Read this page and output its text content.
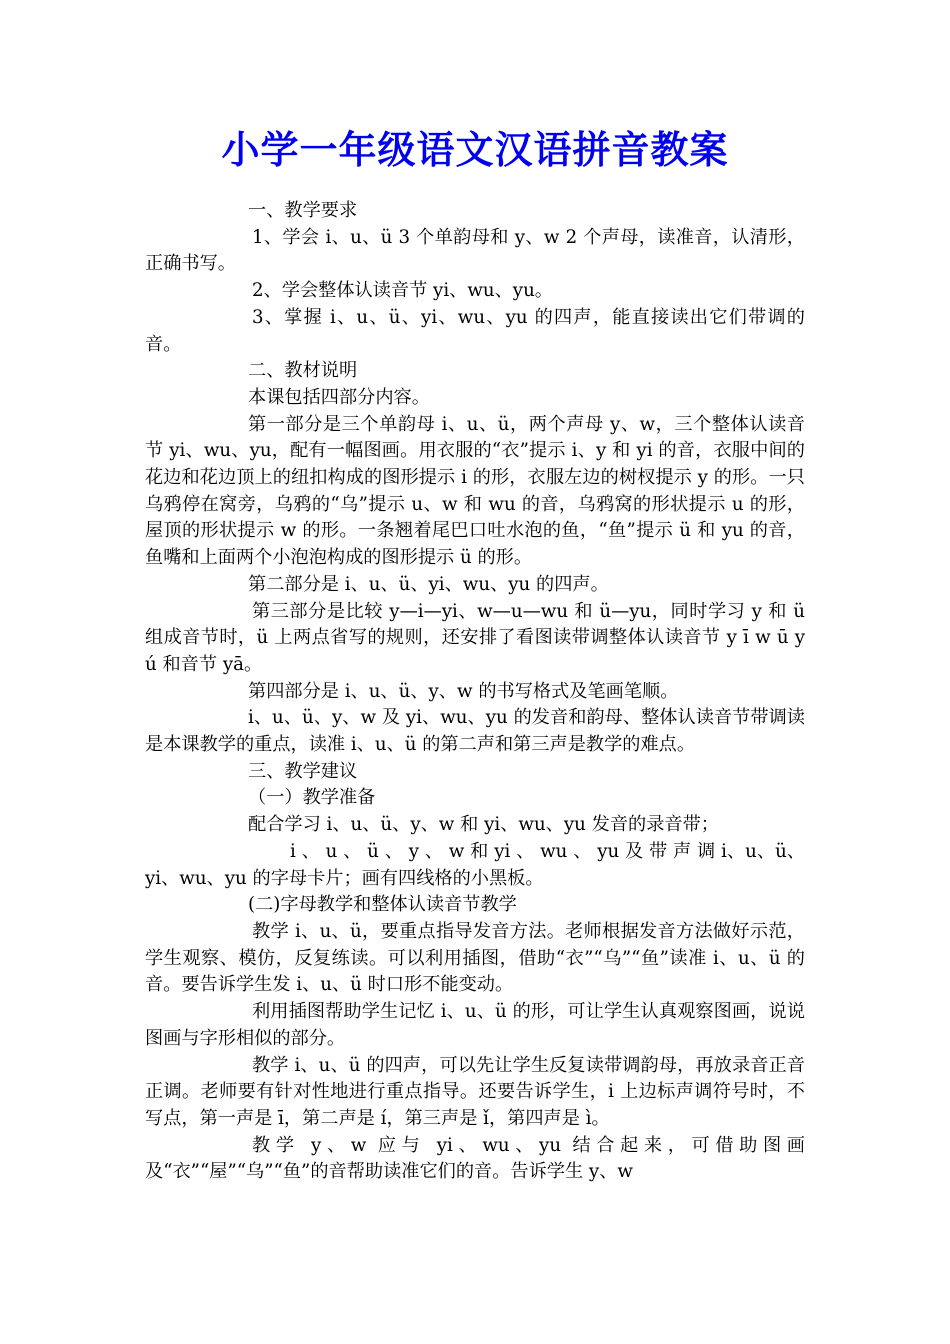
小学一年级语文汉语拼音教案

一、教学要求

1、学会 i、u、ü 3 个单韵母和 y、w 2 个声母，读准音，认清形，正确书写。

2、学会整体认读音节 yi、wu、yu。

3、掌握 i、u、ü、yi、wu、yu 的四声，能直接读出它们带调的音。

二、教材说明

本课包括四部分内容。

第一部分是三个单韵母 i、u、ü，两个声母 y、w，三个整体认读音节 yi、wu、yu，配有一幅图画。用衣服的“衣”提示 i、y 和 yi 的音，衣服中间的花边和花边顶上的纽扣构成的图形提示 i 的形，衣服左边的树杈提示 y 的形。一只乌鸦停在窝旁，乌鸦的“乌”提示 u、w 和 wu 的音，乌鸦窝的形状提示 u 的形，屋顶的形状提示 w 的形。一条翘着尾巴口吐水泡的鱼，“鱼”提示 ü 和 yu 的音，鱼嘴和上面两个小泡泡构成的图形提示 ü 的形。

第二部分是 i、u、ü、yi、wu、yu 的四声。

第三部分是比较 y—i—yi、w—u—wu 和 ü—yu，同时学习 y 和 ü 组成音节时，ü 上两点省写的规则，还安排了看图读带调整体认读音节 y ī w ū y ú 和音节 yā。

第四部分是 i、u、ü、y、w 的书写格式及笔画笔顺。

i、u、ü、y、w 及 yi、wu、yu 的发音和韵母、整体认读音节带调读是本课教学的重点，读准 i、u、ü 的第二声和第三声是教学的难点。

三、教学建议

（一）教学准备

配合学习 i、u、ü、y、w 和 yi、wu、yu 发音的录音带；

i 、 u 、 ü 、 y 、 w 和 yi 、 wu 、 yu 及 带 声 调 i、u、ü、yi、wu、yu 的字母卡片；画有四线格的小黑板。

(二)字母教学和整体认读音节教学

教学 i、u、ü，要重点指导发音方法。老师根据发音方法做好示范，学生观察、模仿，反复练读。可以利用插图，借助“衣”“乌”“鱼”读准 i、u、ü 的音。要告诉学生发 i、u、ü 时口形不能变动。

利用插图帮助学生记忆 i、u、ü 的形，可让学生认真观察图画，说说图画与字形相似的部分。

教学 i、u、ü 的四声，可以先让学生反复读带调韵母，再放录音正音正调。老师要有针对性地进行重点指导。还要告诉学生，i 上边标声调符号时，不写点，第一声是 ī，第二声是 í，第三声是 ǐ，第四声是 ì。

教学 y、w 应与 yi、wu、yu 结合起来，可借助图画及“衣”“屋”“乌”“鱼”的音帮助读准它们的音。告诉学生 y、w
